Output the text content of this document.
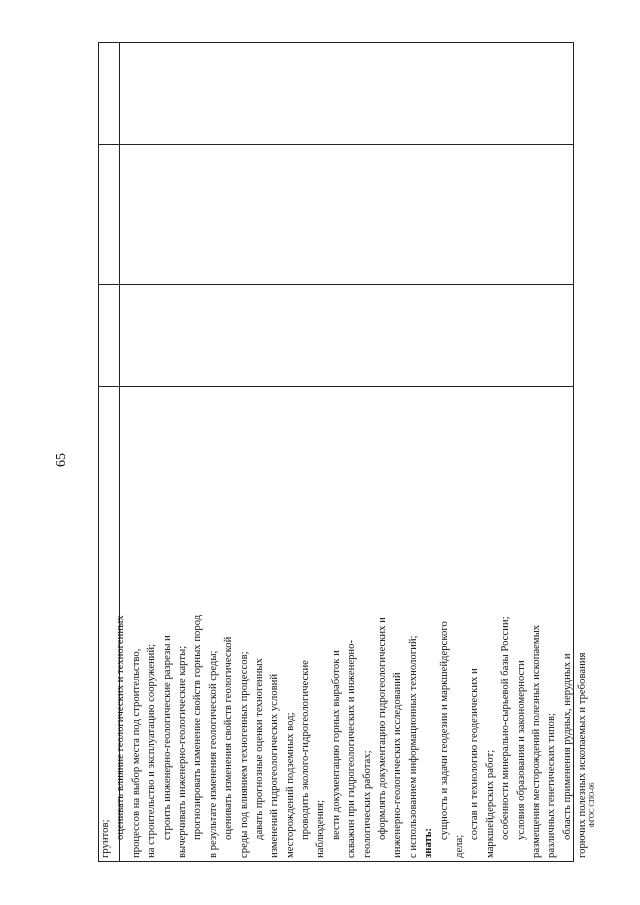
65
грунтов; оценивать влияние геологических и техногенных процессов на выбор места под строительство, на строительство и эксплуатацию сооружений; строить инженерно-геологические разрезы и вычерчивать инженерно-геологические карты; прогнозировать изменение свойств горных пород в результате изменения геологической среды; оценивать изменения свойств геологической среды под влиянием техногенных процессов; давать прогнозные оценки техногенных изменений гидрогеологических условий месторождений подземных вод; проводить эколого-гидрогеологические наблюдения; вести документацию горных выработок и скважин при гидрогеологических и инженерно- геологических работах; оформлять документацию гидрогеологических и инженерно-геологических исследований с использованием информационных технологий; знать:
сущность и задачи геодезии и маркшейдерского
дела;
состав и технологию геодезических и маркшейдерских работ; особенности минерально-сырьевой базы России; условия образования и закономерности размещения месторождений полезных ископаемых различных генетических типов; область применения рудных, нерудных и горючих полезных ископаемых и требования ФГОС СПО-06
